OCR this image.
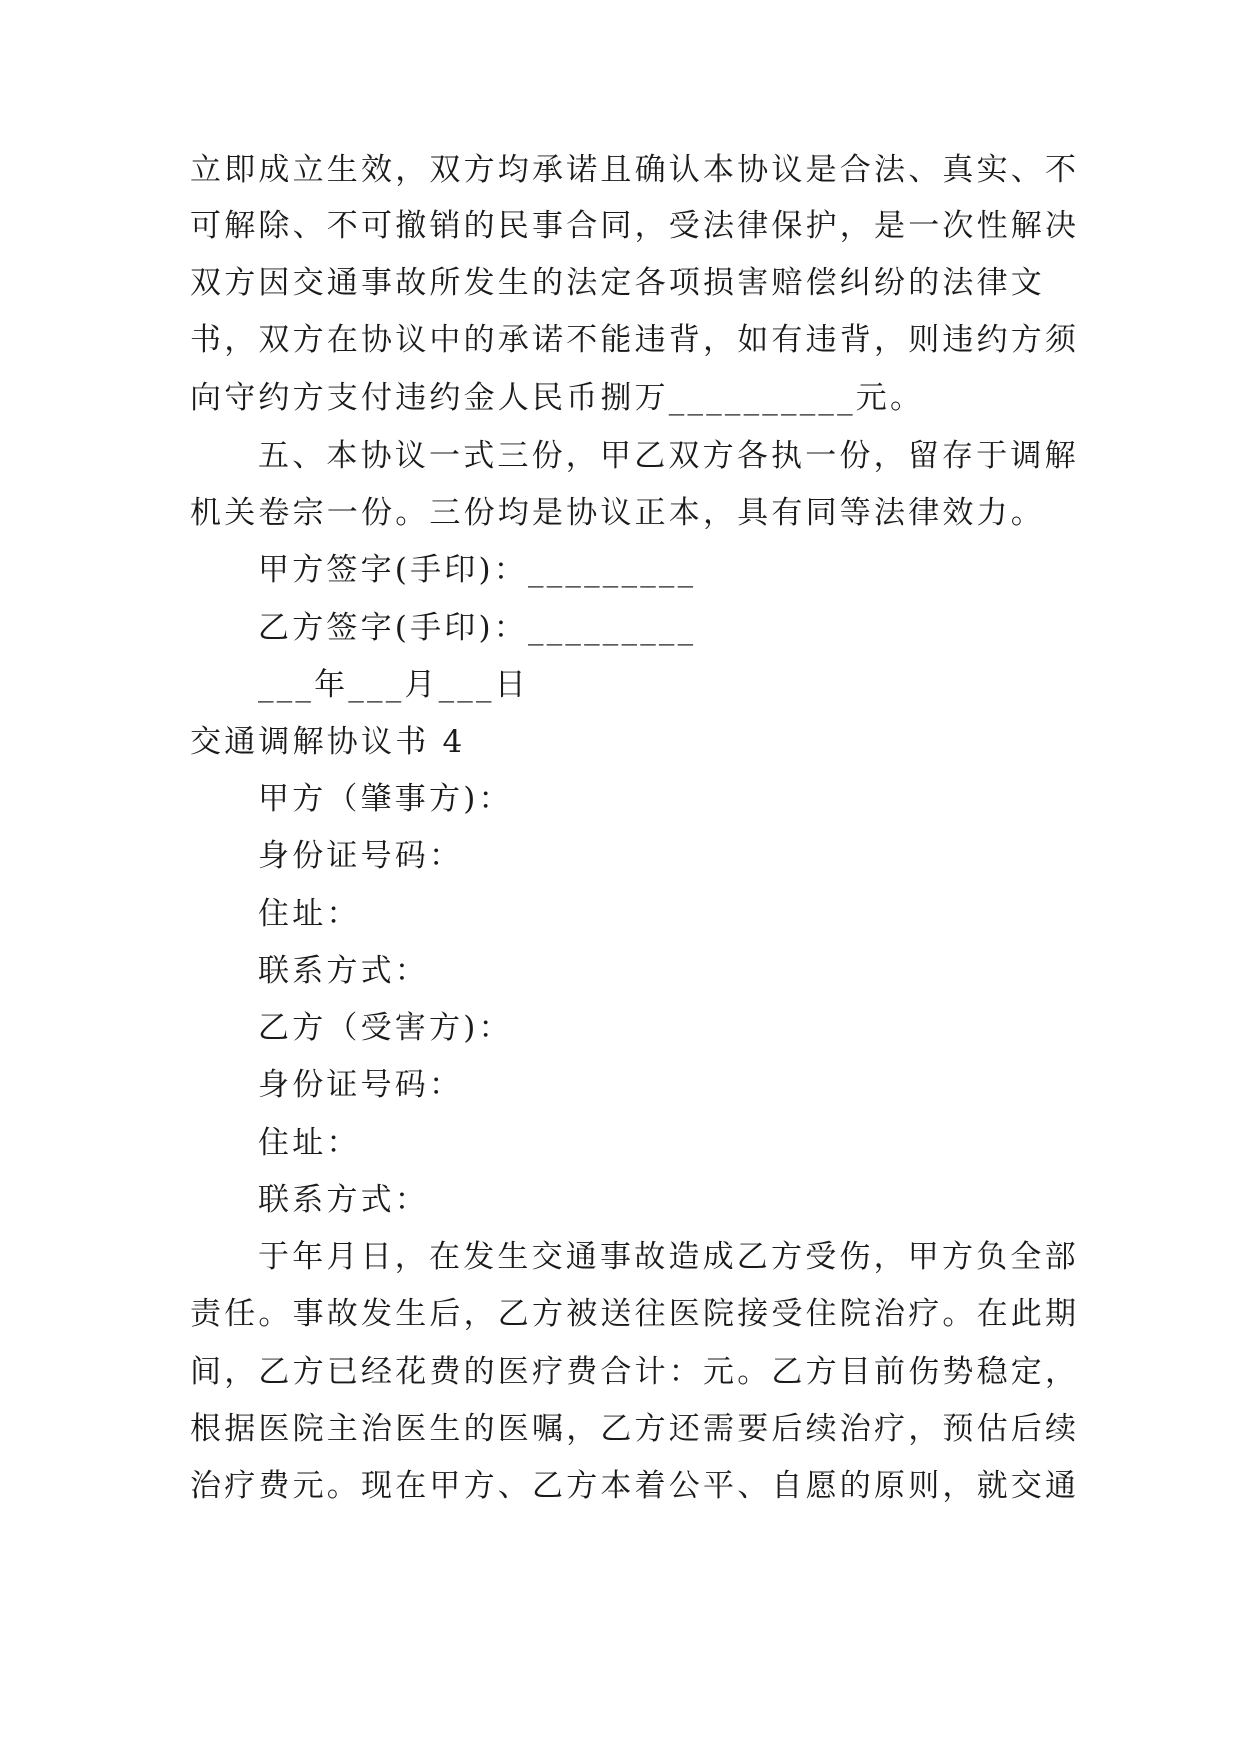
立即成立生效，双方均承诺且确认本协议是合法、真实、不
可解除、不可撤销的民事合同，受法律保护，是一次性解决
双方因交通事故所发生的法定各项损害赔偿纠纷的法律文
书，双方在协议中的承诺不能违背，如有违背，则违约方须
向守约方支付违约金人民币捌万__________元。
五、本协议一式三份，甲乙双方各执一份，留存于调解
机关卷宗一份。三份均是协议正本，具有同等法律效力。
甲方签字(手印)：_________
乙方签字(手印)：_________
___年___月___日
交通调解协议书 4
甲方（肇事方)：
身份证号码：
住址：
联系方式：
乙方（受害方)：
身份证号码：
住址：
联系方式：
于年月日，在发生交通事故造成乙方受伤，甲方负全部
责任。事故发生后，乙方被送往医院接受住院治疗。在此期
间，乙方已经花费的医疗费合计：元。乙方目前伤势稳定，
根据医院主治医生的医嘱，乙方还需要后续治疗，预估后续
治疗费元。现在甲方、乙方本着公平、自愿的原则，就交通
